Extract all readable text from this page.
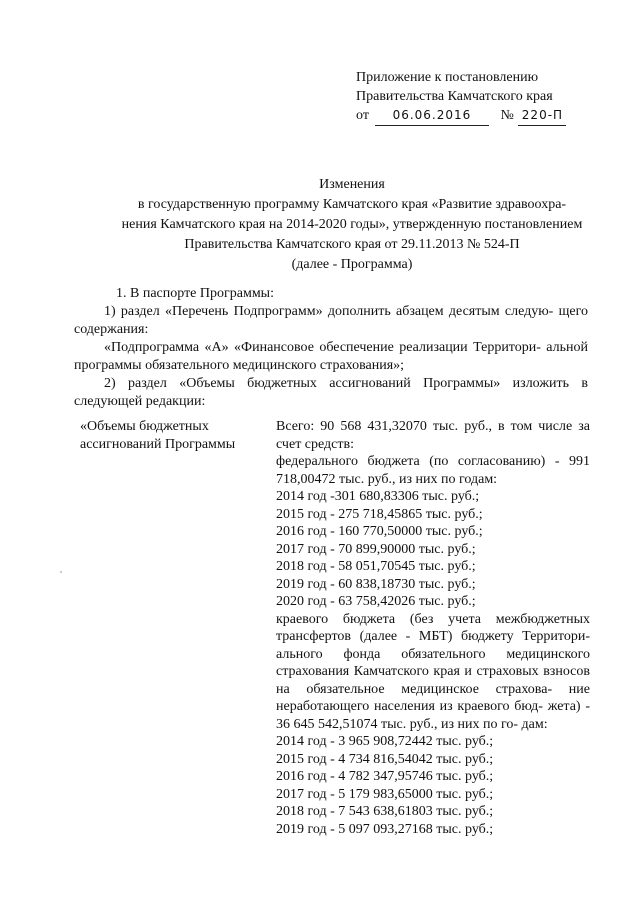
Приложение к постановлению
Правительства Камчатского края
от 06.06.2016 № 220-П
Изменения
в государственную программу Камчатского края «Развитие здравоохра-
нения Камчатского края на 2014-2020 годы», утвержденную постановлением
Правительства Камчатского края от 29.11.2013 № 524-П
(далее - Программа)
1. В паспорте Программы:
1) раздел «Перечень Подпрограмм» дополнить абзацем десятым следую- щего содержания:
«Подпрограмма «А» «Финансовое обеспечение реализации Территори- альной программы обязательного медицинского страхования»;
2) раздел «Объемы бюджетных ассигнований Программы» изложить в следующей редакции:
«Объемы бюджетных ассигнований Программы
Всего: 90 568 431,32070 тыс. руб., в том числе за счет средств:
федерального бюджета (по согласованию) - 991 718,00472 тыс. руб., из них по годам:
2014 год -301 680,83306 тыс. руб.;
2015 год - 275 718,45865 тыс. руб.;
2016 год - 160 770,50000 тыс. руб.;
2017 год - 70 899,90000 тыс. руб.;
2018 год - 58 051,70545 тыс. руб.;
2019 год - 60 838,18730 тыс. руб.;
2020 год - 63 758,42026 тыс. руб.;
краевого бюджета (без учета межбюджетных трансфертов (далее - МБТ) бюджету Территори- ального фонда обязательного медицинского страхования Камчатского края и страховых взносов на обязательное медицинское страхова- ние неработающего населения из краевого бюд- жета) - 36 645 542,51074 тыс. руб., из них по го- дам:
2014 год - 3 965 908,72442 тыс. руб.;
2015 год - 4 734 816,54042 тыс. руб.;
2016 год - 4 782 347,95746 тыс. руб.;
2017 год - 5 179 983,65000 тыс. руб.;
2018 год - 7 543 638,61803 тыс. руб.;
2019 год - 5 097 093,27168 тыс. руб.;
